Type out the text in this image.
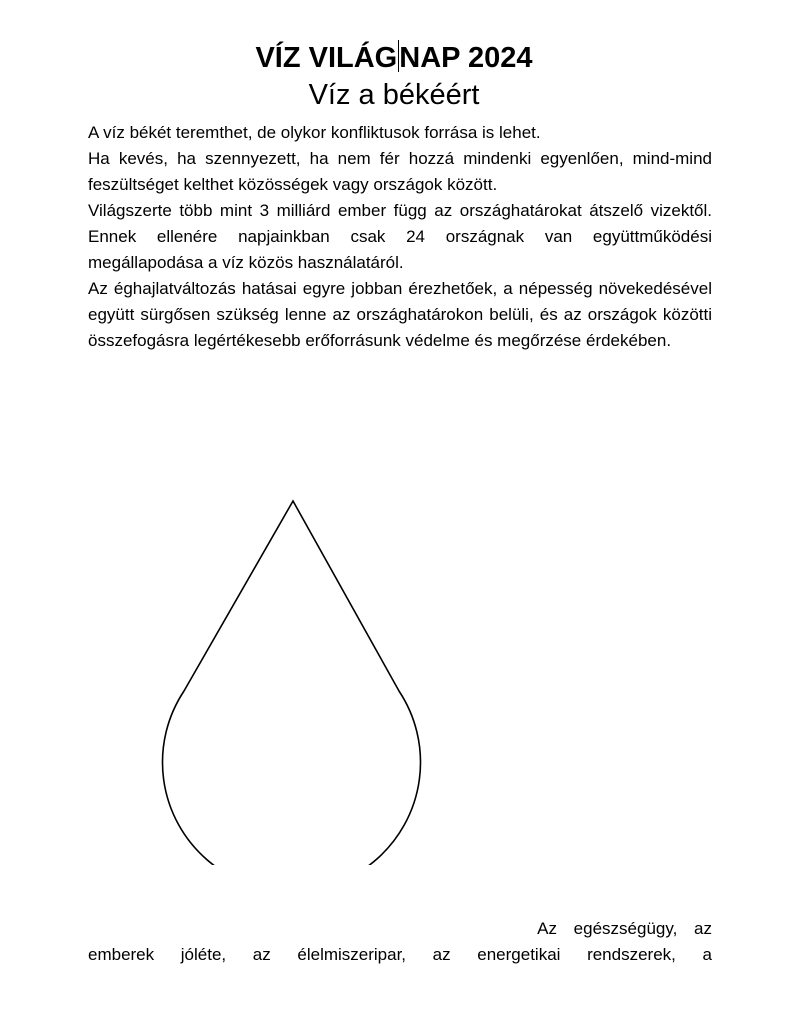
VÍZ VILÁGNAP 2024
Víz a békéért

A víz békét teremthet, de olykor konfliktusok forrása is lehet.

Ha kevés, ha szennyezett, ha nem fér hozzá mindenki egyenlően, mind-mind feszültséget kelthet közösségek vagy országok között.

Világszerte több mint 3 milliárd ember függ az országhatárokat átszelő vizektől. Ennek ellenére napjainkban csak 24 országnak van együttműködési megállapodása a víz közös használatáról.

Az éghajlatváltozás hatásai egyre jobban érezhetőek, a népesség növekedésével együtt sürgősen szükség lenne az országhatárokon belüli, és az országok közötti összefogásra legértékesebb erőforrásunk védelme és megőrzése érdekében.

Az egészségügy, az
emberek jóléte, az élelmiszeripar, az energetikai rendszerek, a
